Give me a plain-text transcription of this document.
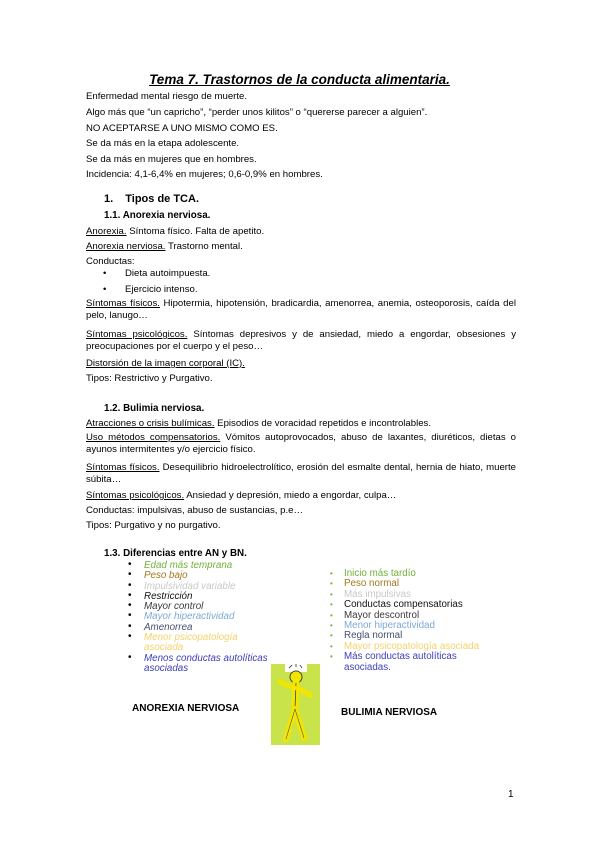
Tema 7. Trastornos de la conducta alimentaria.
Enfermedad mental riesgo de muerte.
Algo más que “un capricho”, “perder unos kilitos” o “quererse parecer a alguien”.
NO ACEPTARSE A UNO MISMO COMO ES.
Se da más en la etapa adolescente.
Se da más en mujeres que en hombres.
Incidencia: 4,1-6,4% en mujeres; 0,6-0,9% en hombres.
1. Tipos de TCA.
1.1. Anorexia nerviosa.
Anorexia. Síntoma físico. Falta de apetito.
Anorexia nerviosa. Trastorno mental.
Conductas:
• Dieta autoimpuesta.
• Ejercicio intenso.
Síntomas físicos. Hipotermia, hipotensión, bradicardia, amenorrea, anemia, osteoporosis, caída del pelo, lanugo…
Síntomas psicológicos. Síntomas depresivos y de ansiedad, miedo a engordar, obsesiones y preocupaciones por el cuerpo y el peso…
Distorsión de la imagen corporal (IC).
Tipos: Restrictivo y Purgativo.
1.2. Bulimia nerviosa.
Atracciones o crisis bulímicas. Episodios de voracidad repetidos e incontrolables.
Uso métodos compensatorios. Vómitos autoprovocados, abuso de laxantes, diuréticos, dietas o ayunos intermitentes y/o ejercicio físico.
Síntomas físicos. Desequilibrio hidroelectrolítico, erosión del esmalte dental, hernia de hiato, muerte súbita…
Síntomas psicológicos. Ansiedad y depresión, miedo a engordar, culpa…
Conductas: impulsivas, abuso de sustancias, p.e…
Tipos: Purgativo y no purgativo.
1.3. Diferencias entre AN y BN.
• Edad más temprana
• Peso bajo
• Impulsividad variable
• Restricción
• Mayor control
• Mayor hiperactividad
• Amenorrea
• Menor psicopatología asociada
• Menos conductas autolíticas asociadas
• Inicio más tardío
• Peso normal
• Más impulsivas
• Conductas compensatorias
• Mayor descontrol
• Menor hiperactividad
• Regla normal
• Mayor psicopatología asociada
• Más conductas autolíticas asociadas.
ANOREXIA NERVIOSA	BULIMIA NERVIOSA
1
